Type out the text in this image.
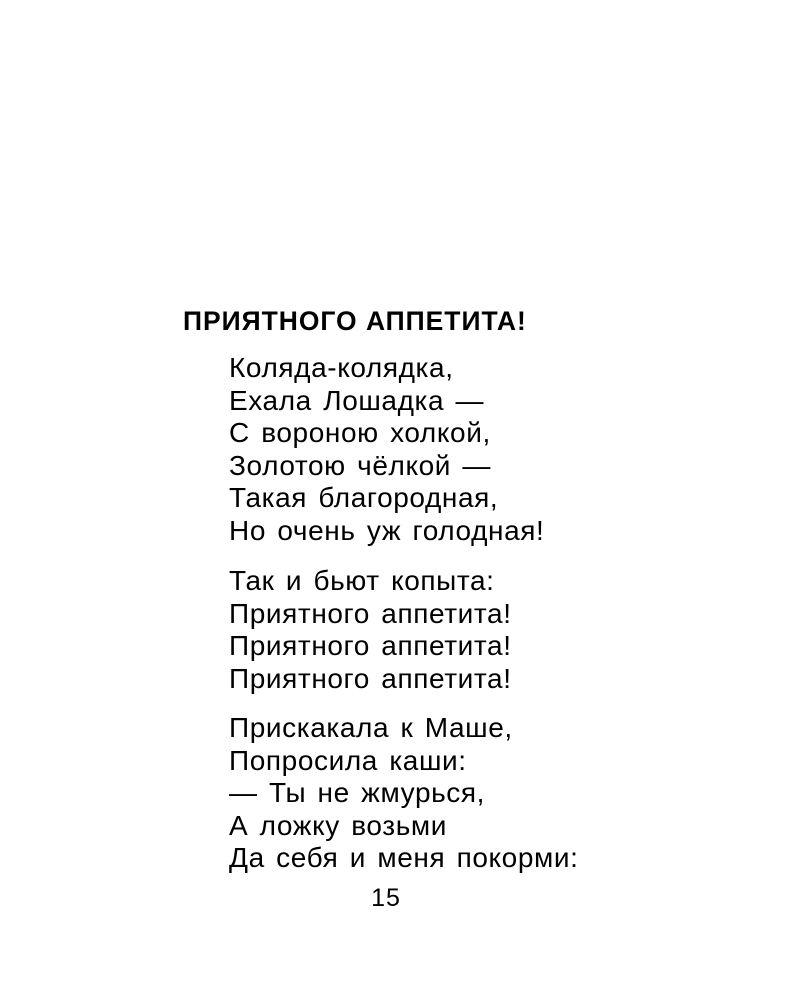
ПРИЯТНОГО АППЕТИТА!
Коляда-колядка,
Ехала Лошадка —
С вороною холкой,
Золотою чёлкой —
Такая благородная,
Но очень уж голодная!
Так и бьют копыта:
Приятного аппетита!
Приятного аппетита!
Приятного аппетита!
Прискакала к Маше,
Попросила каши:
— Ты не жмурься,
А ложку возьми
Да себя и меня покорми:
15
